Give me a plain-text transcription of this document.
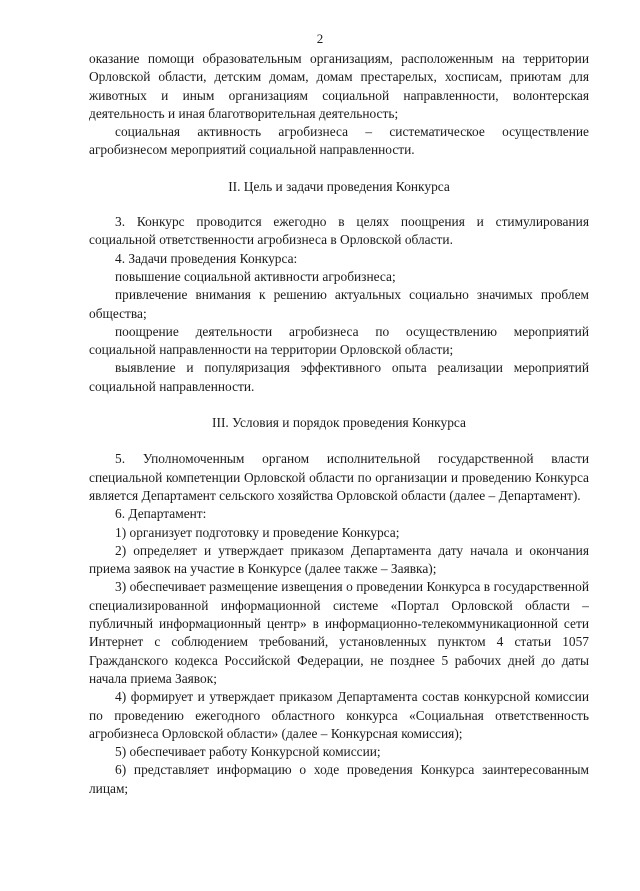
2

оказание помощи образовательным организациям, расположенным на территории Орловской области, детским домам, домам престарелых, хосписам, приютам для животных и иным организациям социальной направленности, волонтерская деятельность и иная благотворительная деятельность;

социальная активность агробизнеса – систематическое осуществление агробизнесом мероприятий социальной направленности.

II. Цель и задачи проведения Конкурса

3. Конкурс проводится ежегодно в целях поощрения и стимулирования социальной ответственности агробизнеса в Орловской области.

4. Задачи проведения Конкурса:

повышение социальной активности агробизнеса;

привлечение внимания к решению актуальных социально значимых проблем общества;

поощрение деятельности агробизнеса по осуществлению мероприятий социальной направленности на территории Орловской области;

выявление и популяризация эффективного опыта реализации мероприятий социальной направленности.

III. Условия и порядок проведения Конкурса

5. Уполномоченным органом исполнительной государственной власти специальной компетенции Орловской области по организации и проведению Конкурса является Департамент сельского хозяйства Орловской области (далее – Департамент).

6. Департамент:

1) организует подготовку и проведение Конкурса;

2) определяет и утверждает приказом Департамента дату начала и окончания приема заявок на участие в Конкурсе (далее также – Заявка);

3) обеспечивает размещение извещения о проведении Конкурса в государственной специализированной информационной системе «Портал Орловской области – публичный информационный центр» в информационно-телекоммуникационной сети Интернет с соблюдением требований, установленных пунктом 4 статьи 1057 Гражданского кодекса Российской Федерации, не позднее 5 рабочих дней до даты начала приема Заявок;

4) формирует и утверждает приказом Департамента состав конкурсной комиссии по проведению ежегодного областного конкурса «Социальная ответственность агробизнеса Орловской области» (далее – Конкурсная комиссия);

5) обеспечивает работу Конкурсной комиссии;

6) представляет информацию о ходе проведения Конкурса заинтересованным лицам;
